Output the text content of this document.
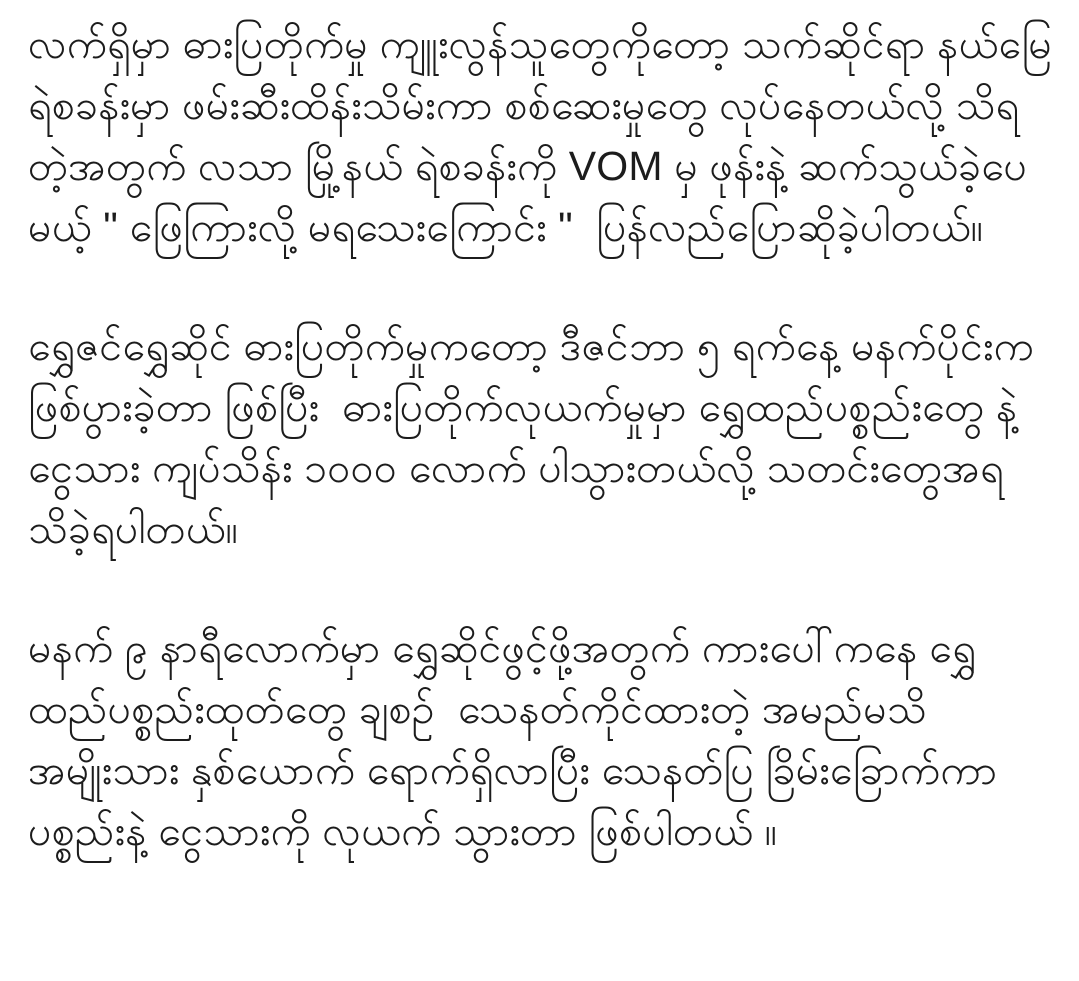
လက်ရှိမှာ ဓားပြတိုက်မှု ကျူးလွန်သူတွေကိုတော့ သက်ဆိုင်ရာ နယ်မြေရဲစခန်းမှာ ဖမ်းဆီးထိန်းသိမ်းကာ စစ်ဆေးမှုတွေ လုပ်နေတယ်လို့ သိရတဲ့အတွက် လသာ မြို့နယ် ရဲစခန်းကို VOM မှ ဖုန်းနဲ့ ဆက်သွယ်ခဲ့ပေမယ့် " ဖြေကြားလို့ မရသေးကြောင်း "  ပြန်လည်ပြောဆိုခဲ့ပါတယ်။

ရွှေဇင်ရွှေဆိုင် ဓားပြတိုက်မှုကတော့ ဒီဇင်ဘာ ၅ ရက်နေ့ မနက်ပိုင်းက ဖြစ်ပွားခဲ့တာ ဖြစ်ပြီး  ဓားပြတိုက်လုယက်မှုမှာ ရွှေထည်ပစ္စည်းတွေ နဲ့ ငွေသား ကျပ်သိန်း ၁၀၀၀ လောက် ပါသွားတယ်လို့ သတင်းတွေအရ သိခဲ့ရပါတယ်။

မနက် ၉ နာရီလောက်မှာ ရွှေဆိုင်ဖွင့်ဖို့အတွက် ကားပေါ်ကနေ ရွှေထည်ပစ္စည်းထုတ်တွေ ချစဉ်  သေနတ်ကိုင်ထားတဲ့ အမည်မသိ အမျိုးသား နှစ်ယောက် ရောက်ရှိလာပြီး သေနတ်ပြ ခြိမ်းခြောက်ကာ ပစ္စည်းနဲ့ ငွေသားကို လုယက် သွားတာ ဖြစ်ပါတယ် ။
